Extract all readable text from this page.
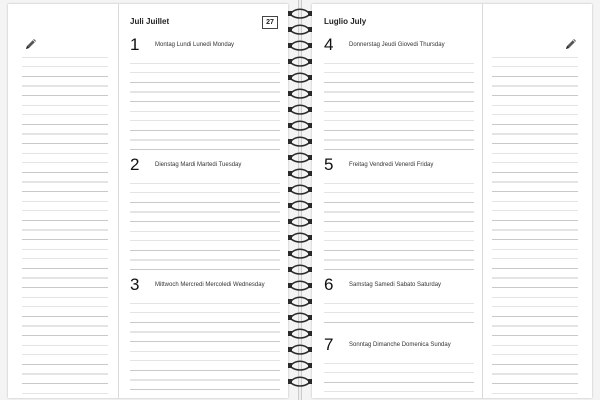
Juli Juillet	27
1	Montag Lundi Lunedi Monday
2	Dienstag Mardi Martedi Tuesday
3	Mittwoch Mercredi Mercoledi Wednesday
Luglio July
4	Donnerstag Jeudi Giovedi Thursday
5	Freitag Vendredi Venerdi Friday
6	Samstag Samedi Sabato Saturday
7	Sonntag Dimanche Domenica Sunday
